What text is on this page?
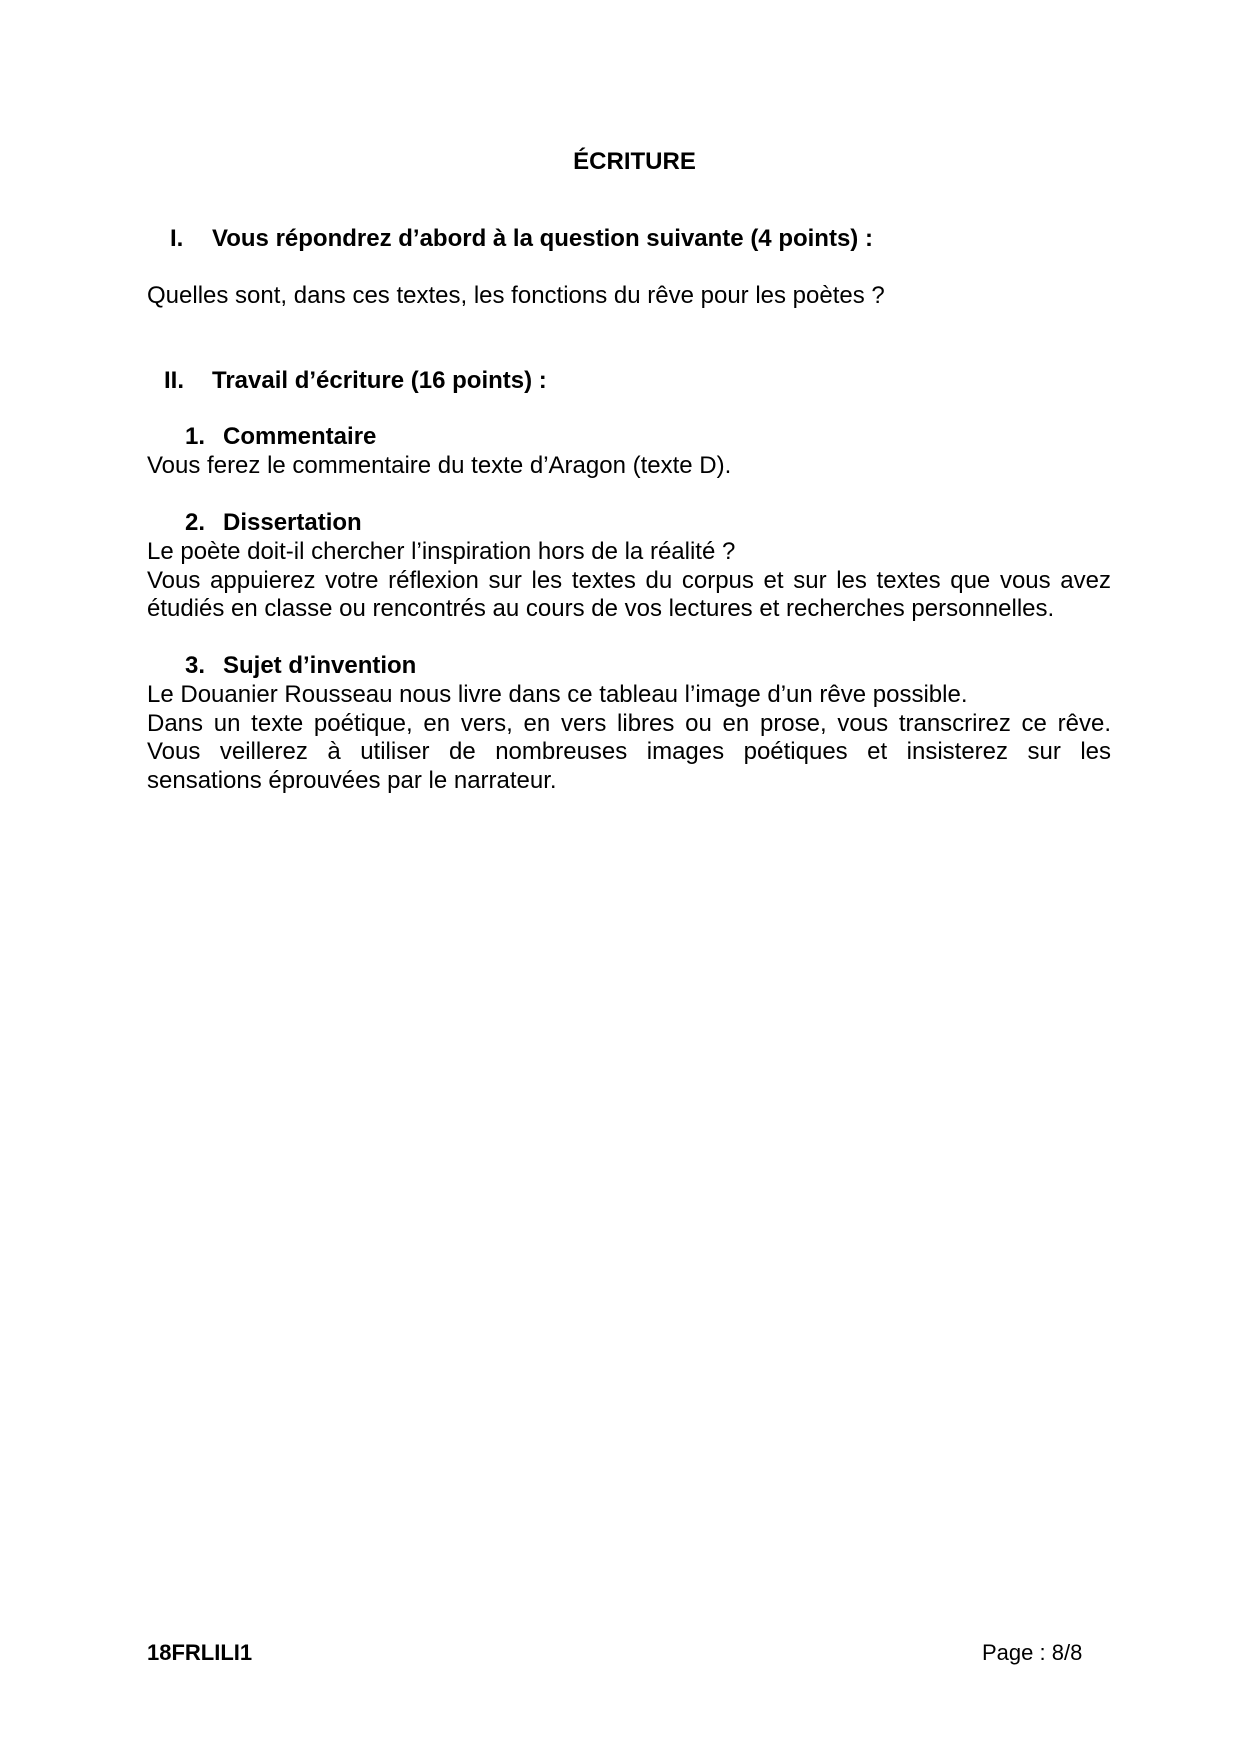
ÉCRITURE
I. Vous répondrez d’abord à la question suivante (4 points) :
Quelles sont, dans ces textes, les fonctions du rêve pour les poètes ?
II. Travail d’écriture (16 points) :
1. Commentaire
Vous ferez le commentaire du texte d’Aragon (texte D).
2. Dissertation
Le poète doit-il chercher l’inspiration hors de la réalité ?
Vous appuierez votre réflexion sur les textes du corpus et sur les textes que vous avez
étudiés en classe ou rencontrés au cours de vos lectures et recherches personnelles.
3. Sujet d’invention
Le Douanier Rousseau nous livre dans ce tableau l’image d’un rêve possible.
Dans un texte poétique, en vers, en vers libres ou en prose, vous transcrirez ce rêve.
Vous veillerez à utiliser de nombreuses images poétiques et insisterez sur les
sensations éprouvées par le narrateur.
18FRLILI1	Page : 8/8
